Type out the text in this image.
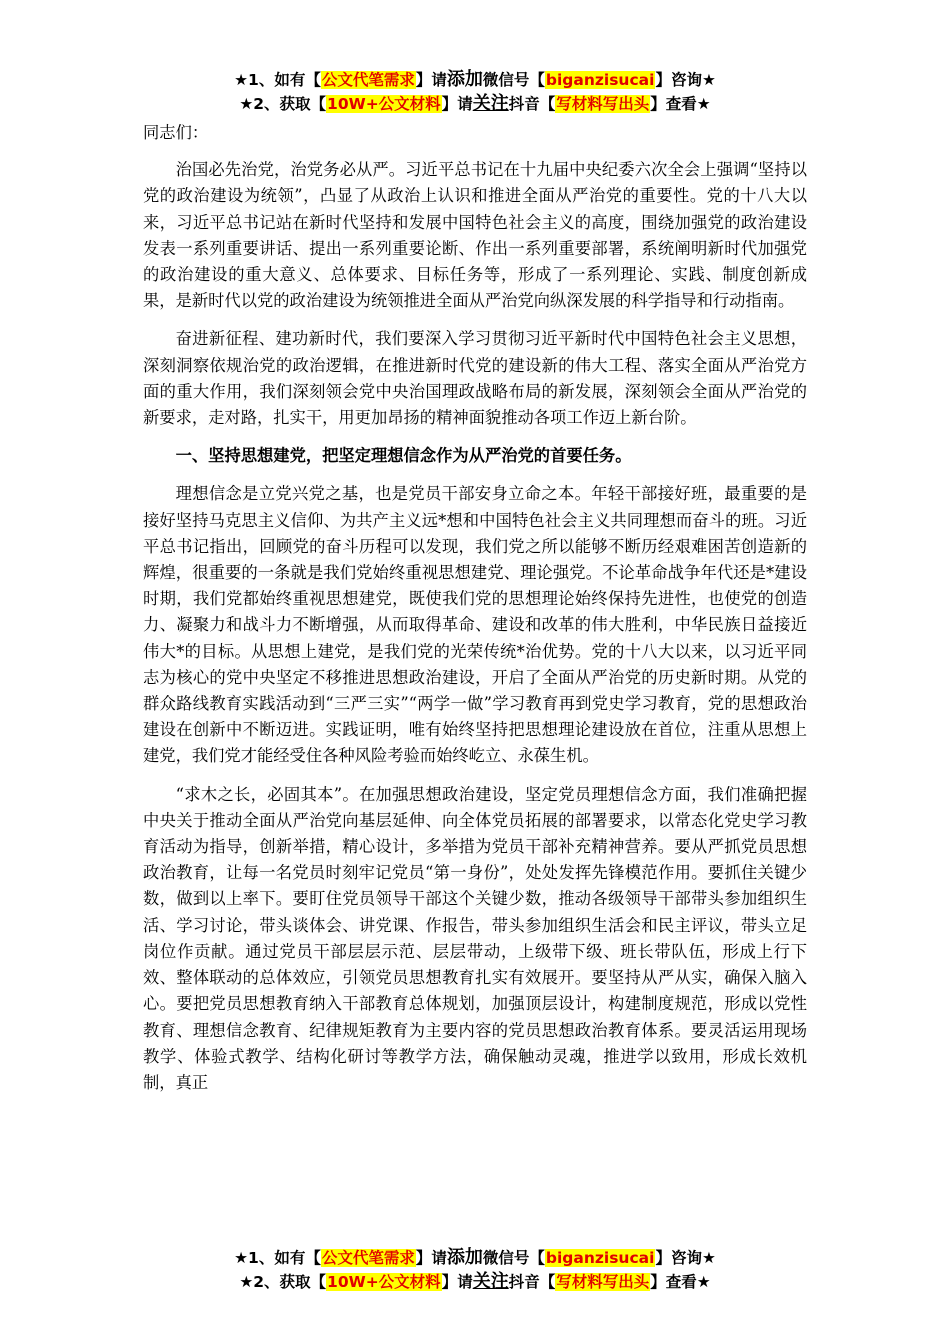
★1、如有【公文代笔需求】请添加微信号【biganzisucai】咨询★
★2、获取【10W+公文材料】请关注抖音【写材料写出头】查看★

同志们：

治国必先治党，治党务必从严。习近平总书记在十九届中央纪委六次全会上强调“坚持以党的政治建设为统领”，凸显了从政治上认识和推进全面从严治党的重要性。党的十八大以来，习近平总书记站在新时代坚持和发展中国特色社会主义的高度，围绕加强党的政治建设发表一系列重要讲话、提出一系列重要论断、作出一系列重要部署，系统阐明新时代加强党的政治建设的重大意义、总体要求、目标任务等，形成了一系列理论、实践、制度创新成果，是新时代以党的政治建设为统领推进全面从严治党向纵深发展的科学指导和行动指南。

奋进新征程、建功新时代，我们要深入学习贯彻习近平新时代中国特色社会主义思想，深刻洞察依规治党的政治逻辑，在推进新时代党的建设新的伟大工程、落实全面从严治党方面的重大作用，我们深刻领会党中央治国理政战略布局的新发展，深刻领会全面从严治党的新要求，走对路，扎实干，用更加昂扬的精神面貌推动各项工作迈上新台阶。

一、坚持思想建党，把坚定理想信念作为从严治党的首要任务。

理想信念是立党兴党之基，也是党员干部安身立命之本。年轻干部接好班，最重要的是接好坚持马克思主义信仰、为共产主义远*想和中国特色社会主义共同理想而奋斗的班。习近平总书记指出，回顾党的奋斗历程可以发现，我们党之所以能够不断历经艰难困苦创造新的辉煌，很重要的一条就是我们党始终重视思想建党、理论强党。不论革命战争年代还是*建设时期，我们党都始终重视思想建党，既使我们党的思想理论始终保持先进性，也使党的创造力、凝聚力和战斗力不断增强，从而取得革命、建设和改革的伟大胜利，中华民族日益接近伟大*的目标。从思想上建党，是我们党的光荣传统*治优势。党的十八大以来，以习近平同志为核心的党中央坚定不移推进思想政治建设，开启了全面从严治党的历史新时期。从党的群众路线教育实践活动到“三严三实”“两学一做”学习教育再到党史学习教育，党的思想政治建设在创新中不断迈进。实践证明，唯有始终坚持把思想理论建设放在首位，注重从思想上建党，我们党才能经受住各种风险考验而始终屹立、永葆生机。

“求木之长，必固其本”。在加强思想政治建设，坚定党员理想信念方面，我们准确把握中央关于推动全面从严治党向基层延伸、向全体党员拓展的部署要求，以常态化党史学习教育活动为指导，创新举措，精心设计，多举措为党员干部补充精神营养。要从严抓党员思想政治教育，让每一名党员时刻牢记党员“第一身份”，处处发挥先锋模范作用。要抓住关键少数，做到以上率下。要盯住党员领导干部这个关键少数，推动各级领导干部带头参加组织生活、学习讨论，带头谈体会、讲党课、作报告，带头参加组织生活会和民主评议，带头立足岗位作贡献。通过党员干部层层示范、层层带动，上级带下级、班长带队伍，形成上行下效、整体联动的总体效应，引领党员思想教育扎实有效展开。要坚持从严从实，确保入脑入心。要把党员思想教育纳入干部教育总体规划，加强顶层设计，构建制度规范，形成以党性教育、理想信念教育、纪律规矩教育为主要内容的党员思想政治教育体系。要灵活运用现场教学、体验式教学、结构化研讨等教学方法，确保触动灵魂，推进学以致用，形成长效机制，真正

★1、如有【公文代笔需求】请添加微信号【biganzisucai】咨询★
★2、获取【10W+公文材料】请关注抖音【写材料写出头】查看★
